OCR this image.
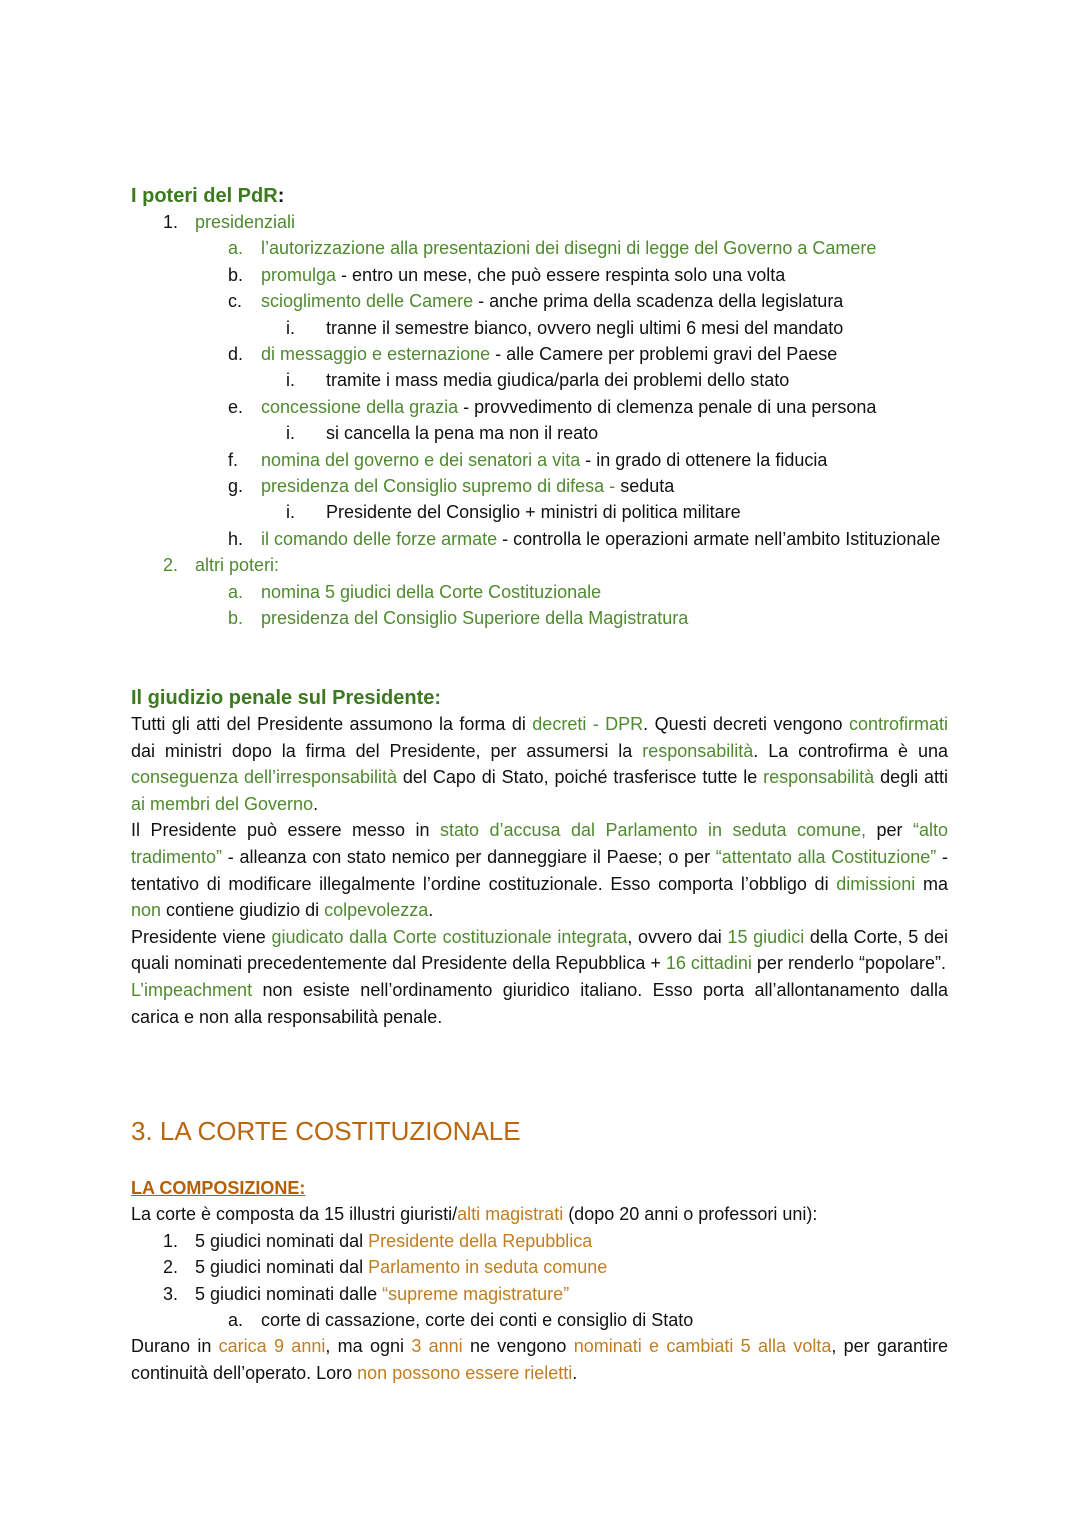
I poteri del PdR:
1. presidenziali
a. l’autorizzazione alla presentazioni dei disegni di legge del Governo a Camere
b. promulga - entro un mese, che può essere respinta solo una volta
c. scioglimento delle Camere - anche prima della scadenza della legislatura
i. tranne il semestre bianco, ovvero negli ultimi 6 mesi del mandato
d. di messaggio e esternazione - alle Camere per problemi gravi del Paese
i. tramite i mass media giudica/parla dei problemi dello stato
e. concessione della grazia - provvedimento di clemenza penale di una persona
i. si cancella la pena ma non il reato
f. nomina del governo e dei senatori a vita - in grado di ottenere la fiducia
g. presidenza del Consiglio supremo di difesa - seduta
i. Presidente del Consiglio + ministri di politica militare
h. il comando delle forze armate - controlla le operazioni armate nell’ambito Istituzionale
2. altri poteri:
a. nomina 5 giudici della Corte Costituzionale
b. presidenza del Consiglio Superiore della Magistratura
Il giudizio penale sul Presidente:
Tutti gli atti del Presidente assumono la forma di decreti - DPR. Questi decreti vengono controfirmati dai ministri dopo la firma del Presidente, per assumersi la responsabilità. La controfirma è una conseguenza dell’irresponsabilità del Capo di Stato, poiché trasferisce tutte le responsabilità degli atti ai membri del Governo.
Il Presidente può essere messo in stato d’accusa dal Parlamento in seduta comune, per “alto tradimento” - alleanza con stato nemico per danneggiare il Paese; o per “attentato alla Costituzione” - tentativo di modificare illegalmente l’ordine costituzionale. Esso comporta l’obbligo di dimissioni ma non contiene giudizio di colpevolezza.
Presidente viene giudicato dalla Corte costituzionale integrata, ovvero dai 15 giudici della Corte, 5 dei quali nominati precedentemente dal Presidente della Repubblica + 16 cittadini per renderlo “popolare”.
L’impeachment non esiste nell’ordinamento giuridico italiano. Esso porta all’allontanamento dalla carica e non alla responsabilità penale.
3. LA CORTE COSTITUZIONALE
LA COMPOSIZIONE:
La corte è composta da 15 illustri giuristi/alti magistrati (dopo 20 anni o professori uni):
1. 5 giudici nominati dal Presidente della Repubblica
2. 5 giudici nominati dal Parlamento in seduta comune
3. 5 giudici nominati dalle “supreme magistrature”
a. corte di cassazione, corte dei conti e consiglio di Stato
Durano in carica 9 anni, ma ogni 3 anni ne vengono nominati e cambiati 5 alla volta, per garantire continuità dell’operato. Loro non possono essere rieletti.
